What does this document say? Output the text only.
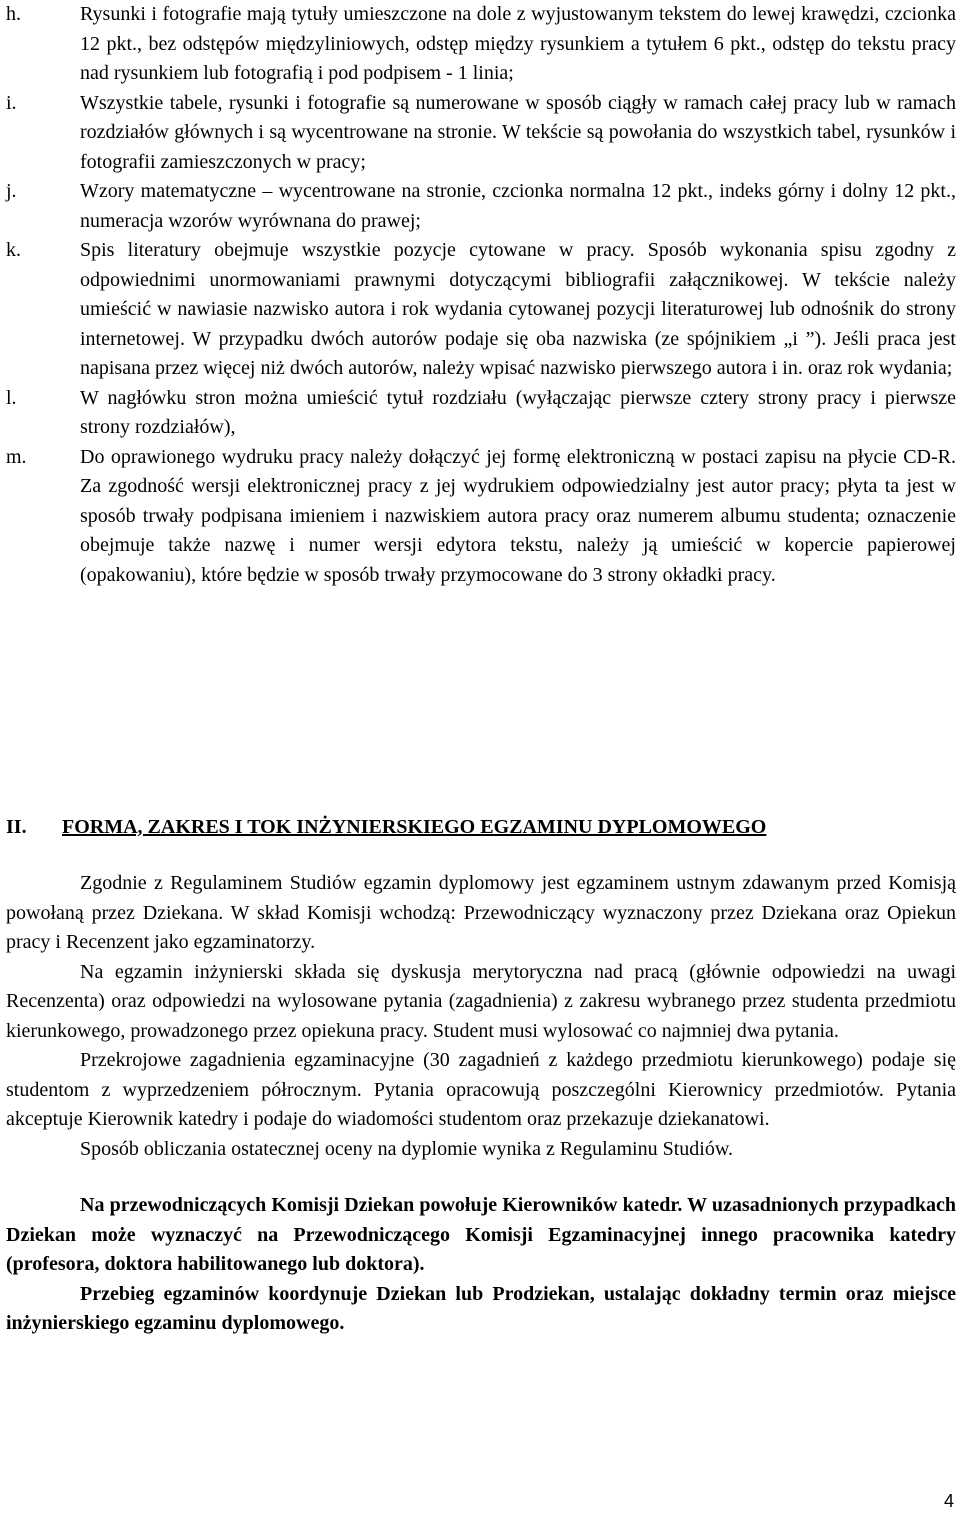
h.	Rysunki i fotografie mają tytuły umieszczone na dole z wyjustowanym tekstem do lewej krawędzi, czcionka 12 pkt., bez odstępów międzyliniowych, odstęp między rysunkiem a tytułem 6 pkt., odstęp do tekstu pracy nad rysunkiem lub fotografią i pod podpisem - 1 linia;
i.	Wszystkie tabele, rysunki i fotografie są numerowane w sposób ciągły w ramach całej pracy lub w ramach rozdziałów głównych i są wycentrowane na stronie. W tekście są powołania do wszystkich tabel, rysunków i fotografii zamieszczonych w pracy;
j.	Wzory matematyczne – wycentrowane na stronie, czcionka normalna 12 pkt., indeks górny i dolny 12 pkt., numeracja wzorów wyrównana do prawej;
k.	Spis literatury obejmuje wszystkie pozycje cytowane w pracy. Sposób wykonania spisu zgodny z odpowiednimi unormowaniami prawnymi dotyczącymi bibliografii załącznikowej. W tekście należy umieścić w nawiasie nazwisko autora i rok wydania cytowanej pozycji literaturowej lub odnośnik do strony internetowej. W przypadku dwóch autorów podaje się oba nazwiska (ze spójnikiem „i ”). Jeśli praca jest napisana przez więcej niż dwóch autorów, należy wpisać nazwisko pierwszego autora i in. oraz rok wydania;
l.	W nagłówku stron można umieścić tytuł rozdziału (wyłączając pierwsze cztery strony pracy i pierwsze strony rozdziałów),
m.	Do oprawionego wydruku pracy należy dołączyć jej formę elektroniczną w postaci zapisu na płycie CD-R. Za zgodność wersji elektronicznej pracy z jej wydrukiem odpowiedzialny jest autor pracy; płyta ta jest w sposób trwały podpisana imieniem i nazwiskiem autora pracy oraz numerem albumu studenta; oznaczenie obejmuje także nazwę i numer wersji edytora tekstu, należy ją umieścić w kopercie papierowej (opakowaniu), które będzie w sposób trwały przymocowane do 3 strony okładki pracy.
II. FORMA, ZAKRES I TOK INŻYNIERSKIEGO EGZAMINU DYPLOMOWEGO

Zgodnie z Regulaminem Studiów egzamin dyplomowy jest egzaminem ustnym zdawanym przed Komisją powołaną przez Dziekana. W skład Komisji wchodzą: Przewodniczący wyznaczony przez Dziekana oraz Opiekun pracy i Recenzent jako egzaminatorzy.

Na egzamin inżynierski składa się dyskusja merytoryczna nad pracą (głównie odpowiedzi na uwagi Recenzenta) oraz odpowiedzi na wylosowane pytania (zagadnienia) z zakresu wybranego przez studenta przedmiotu kierunkowego, prowadzonego przez opiekuna pracy. Student musi wylosować co najmniej dwa pytania.

Przekrojowe zagadnienia egzaminacyjne (30 zagadnień z każdego przedmiotu kierunkowego) podaje się studentom z wyprzedzeniem półrocznym. Pytania opracowują poszczególni Kierownicy przedmiotów. Pytania akceptuje Kierownik katedry i podaje do wiadomości studentom oraz przekazuje dziekanatowi.

Sposób obliczania ostatecznej oceny na dyplomie wynika z Regulaminu Studiów.

Na przewodniczących Komisji Dziekan powołuje Kierowników katedr. W uzasadnionych przypadkach Dziekan może wyznaczyć na Przewodniczącego Komisji Egzaminacyjnej innego pracownika katedry (profesora, doktora habilitowanego lub doktora).

Przebieg egzaminów koordynuje Dziekan lub Prodziekan, ustalając dokładny termin oraz miejsce inżynierskiego egzaminu dyplomowego.

4
